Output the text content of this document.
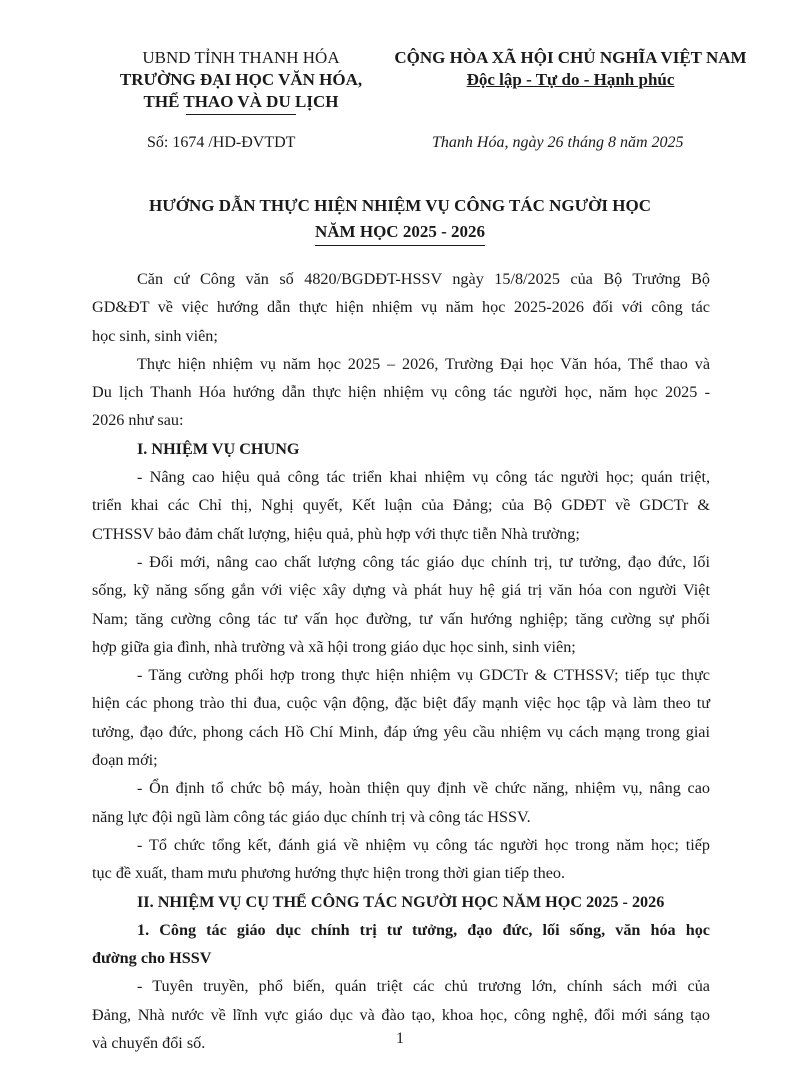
UBND TỈNH THANH HÓA
TRƯỜNG ĐẠI HỌC VĂN HÓA,
THỂ THAO VÀ DU LỊCH
CỘNG HÒA XÃ HỘI CHỦ NGHĨA VIỆT NAM
Độc lập - Tự do - Hạnh phúc
Số: 1674 /HD-ĐVTDT	Thanh Hóa, ngày 26 tháng 8 năm 2025
HƯỚNG DẪN THỰC HIỆN NHIỆM VỤ CÔNG TÁC NGƯỜI HỌC
NĂM HỌC 2025 - 2026

Căn cứ Công văn số 4820/BGDĐT-HSSV ngày 15/8/2025 của Bộ Trưởng Bộ

GD&ĐT về việc hướng dẫn thực hiện nhiệm vụ năm học 2025-2026 đối với công tác

học sinh, sinh viên;

Thực hiện nhiệm vụ năm học 2025 – 2026, Trường Đại học Văn hóa, Thể thao và

Du lịch Thanh Hóa hướng dẫn thực hiện nhiệm vụ công tác người học, năm học 2025 -

2026 như sau:

I. NHIỆM VỤ CHUNG

- Nâng cao hiệu quả công tác triển khai nhiệm vụ công tác người học; quán triệt,

triển khai các Chỉ thị, Nghị quyết, Kết luận của Đảng; của Bộ GDĐT về GDCTr &

CTHSSV bảo đảm chất lượng, hiệu quả, phù hợp với thực tiễn Nhà trường;

- Đổi mới, nâng cao chất lượng công tác giáo dục chính trị, tư tưởng, đạo đức, lối

sống, kỹ năng sống gắn với việc xây dựng và phát huy hệ giá trị văn hóa con người Việt

Nam; tăng cường công tác tư vấn học đường, tư vấn hướng nghiệp; tăng cường sự phối

hợp giữa gia đình, nhà trường và xã hội trong giáo dục học sinh, sinh viên;

- Tăng cường phối hợp trong thực hiện nhiệm vụ GDCTr & CTHSSV; tiếp tục thực

hiện các phong trào thi đua, cuộc vận động, đặc biệt đẩy mạnh việc học tập và làm theo tư

tưởng, đạo đức, phong cách Hồ Chí Minh, đáp ứng yêu cầu nhiệm vụ cách mạng trong giai

đoạn mới;

- Ổn định tổ chức bộ máy, hoàn thiện quy định về chức năng, nhiệm vụ, nâng cao

năng lực đội ngũ làm công tác giáo dục chính trị và công tác HSSV.

- Tổ chức tổng kết, đánh giá về nhiệm vụ công tác người học trong năm học; tiếp

tục đề xuất, tham mưu phương hướng thực hiện trong thời gian tiếp theo.

II. NHIỆM VỤ CỤ THỂ CÔNG TÁC NGƯỜI HỌC NĂM HỌC 2025 - 2026

1. Công tác giáo dục chính trị tư tưởng, đạo đức, lối sống, văn hóa học

đường cho HSSV

- Tuyên truyền, phổ biến, quán triệt các chủ trương lớn, chính sách mới của

Đảng, Nhà nước về lĩnh vực giáo dục và đào tạo, khoa học, công nghệ, đổi mới sáng tạo

và chuyển đổi số.	1
